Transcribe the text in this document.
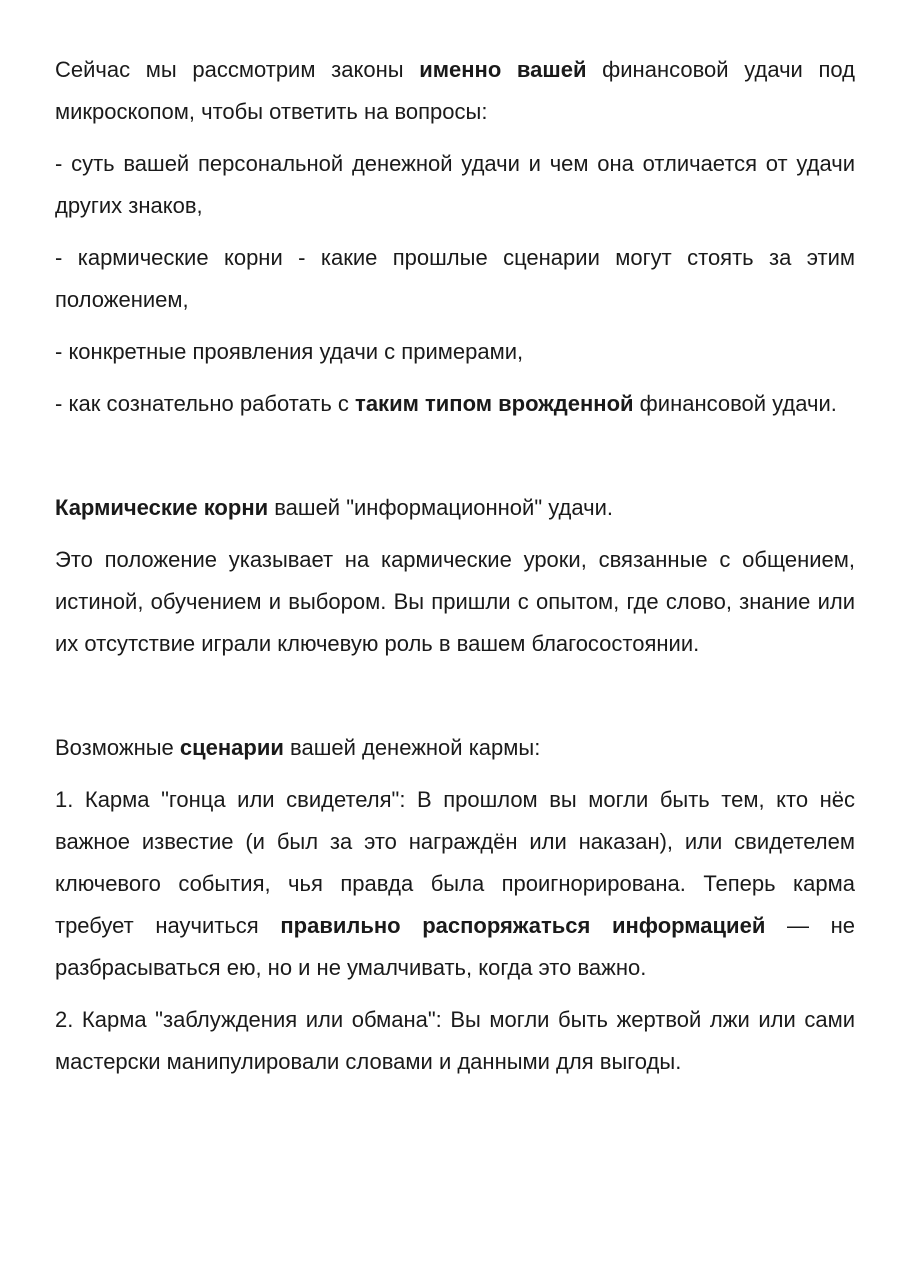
Сейчас мы рассмотрим законы именно вашей финансовой удачи под микроскопом, чтобы ответить на вопросы:

- суть вашей персональной денежной удачи и чем она отличается от удачи других знаков,

- кармические корни - какие прошлые сценарии могут стоять за этим положением,

- конкретные проявления удачи с примерами,

- как сознательно работать с таким типом врожденной финансовой удачи.

Кармические корни вашей "информационной" удачи.

Это положение указывает на кармические уроки, связанные с общением, истиной, обучением и выбором. Вы пришли с опытом, где слово, знание или их отсутствие играли ключевую роль в вашем благосостоянии.

Возможные сценарии вашей денежной кармы:

1. Карма "гонца или свидетеля": В прошлом вы могли быть тем, кто нёс важное известие (и был за это награждён или наказан), или свидетелем ключевого события, чья правда была проигнорирована. Теперь карма требует научиться правильно распоряжаться информацией — не разбрасываться ею, но и не умалчивать, когда это важно.

2. Карма "заблуждения или обмана": Вы могли быть жертвой лжи или сами мастерски манипулировали словами и данными для выгоды.
